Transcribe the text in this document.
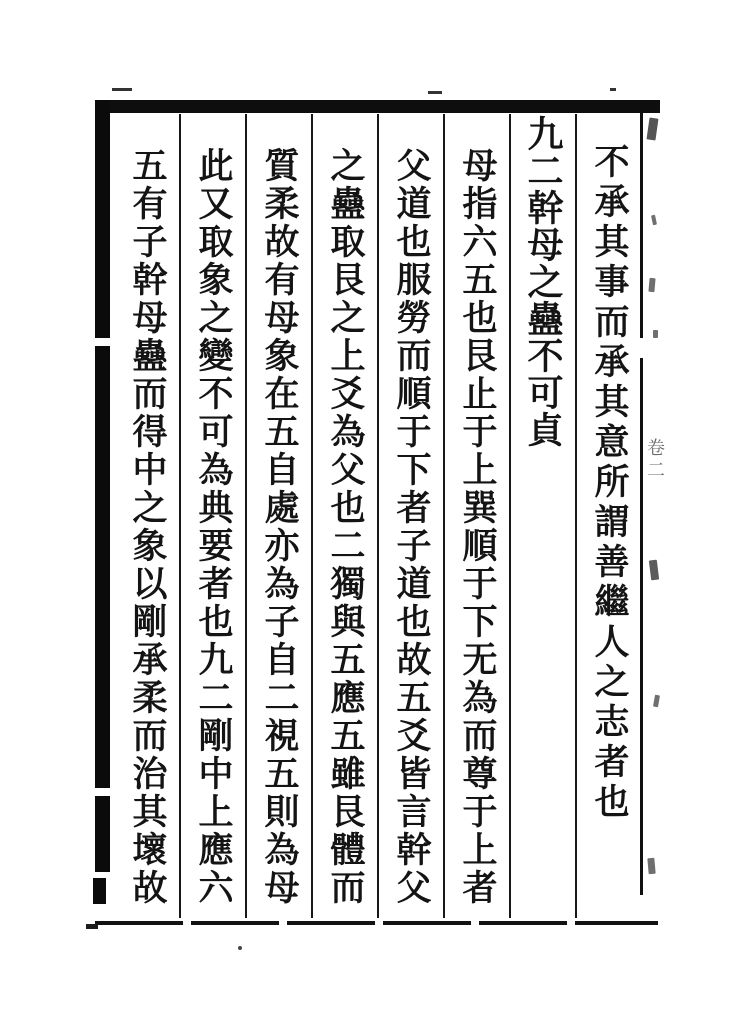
不承其事而承其意所謂善繼人之志者也
九二幹母之蠱不可貞
母指六五也艮止于上巽順于下无為而尊于上者
父道也服勞而順于下者子道也故五爻皆言幹父
之蠱取艮之上爻為父也二獨與五應五雖艮體而
質柔故有母象在五自處亦為子自二視五則為母
此又取象之變不可為典要者也九二剛中上應六
五有子幹母蠱而得中之象以剛承柔而治其壞故	卷二
